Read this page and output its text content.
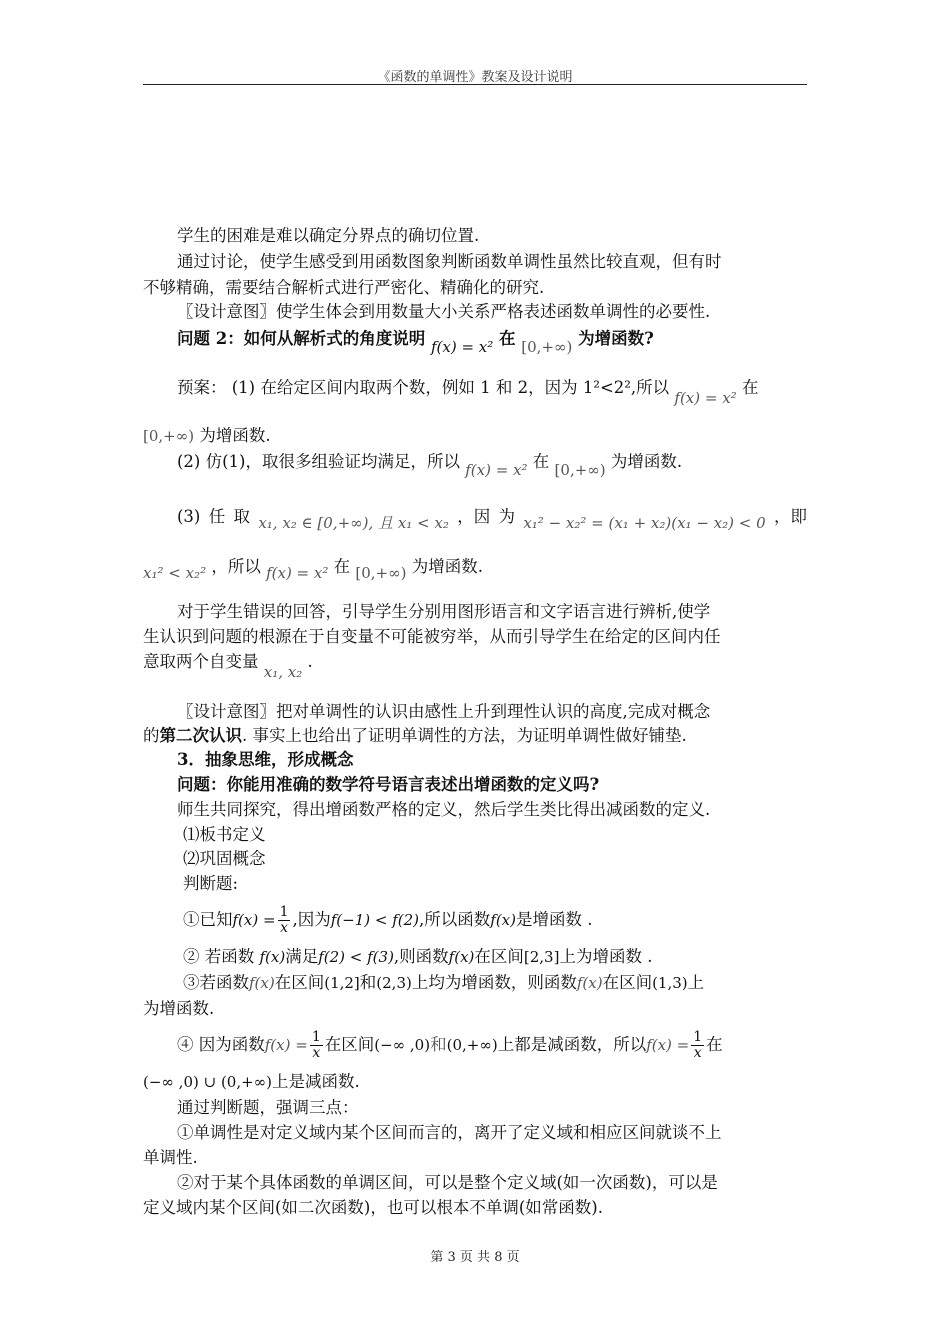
《函数的单调性》教案及设计说明
学生的困难是难以确定分界点的确切位置.
通过讨论，使学生感受到用函数图象判断函数单调性虽然比较直观，但有时
不够精确，需要结合解析式进行严密化、精确化的研究.
〖设计意图〗使学生体会到用数量大小关系严格表述函数单调性的必要性.
问题 2：如何从解析式的角度说明 f(x) = x² 在 [0,+∞) 为增函数?
预案： (1) 在给定区间内取两个数，例如 1 和 2，因为 1²<2²,所以 f(x) = x² 在
[0,+∞) 为增函数.
(2) 仿(1)，取很多组验证均满足，所以 f(x) = x² 在 [0,+∞) 为增函数.
(3) 任 取 x₁, x₂ ∈ [0,+∞), 且 x₁ < x₂ ，因 为 x₁² − x₂² = (x₁ + x₂)(x₁ − x₂) < 0 ，即
x₁² < x₂² ，所以 f(x) = x² 在 [0,+∞) 为增函数.
对于学生错误的回答，引导学生分别用图形语言和文字语言进行辨析,使学
生认识到问题的根源在于自变量不可能被穷举，从而引导学生在给定的区间内任
意取两个自变量 x₁, x₂ .
〖设计意图〗把对单调性的认识由感性上升到理性认识的高度,完成对概念
的第二次认识. 事实上也给出了证明单调性的方法，为证明单调性做好铺垫.
3．抽象思维，形成概念
问题：你能用准确的数学符号语言表述出增函数的定义吗?
师生共同探究，得出增函数严格的定义，然后学生类比得出减函数的定义.
⑴板书定义
⑵巩固概念
判断题:
①已知$f(x) = \frac{1}{x}$ ,因为f(−1) < f(2),所以函数f(x)是增函数 .
② 若函数 f(x)满足f(2) < f(3),则函数f(x)在区间[2,3]上为增函数 .
③若函数f(x)在区间(1,2]和(2,3)上均为增函数，则函数f(x)在区间(1,3)上
为增函数.
④ 因为函数$f(x) = \frac{1}{x}$ 在区间(−∞ ,0)和(0,+∞)上都是减函数，所以$f(x) = \frac{1}{x}$ 在
(−∞ ,0) ∪ (0,+∞)上是减函数.
通过判断题，强调三点：
①单调性是对定义域内某个区间而言的，离开了定义域和相应区间就谈不上
单调性.
②对于某个具体函数的单调区间，可以是整个定义域(如一次函数)，可以是
定义域内某个区间(如二次函数)，也可以根本不单调(如常函数).
第 3 页 共 8 页
